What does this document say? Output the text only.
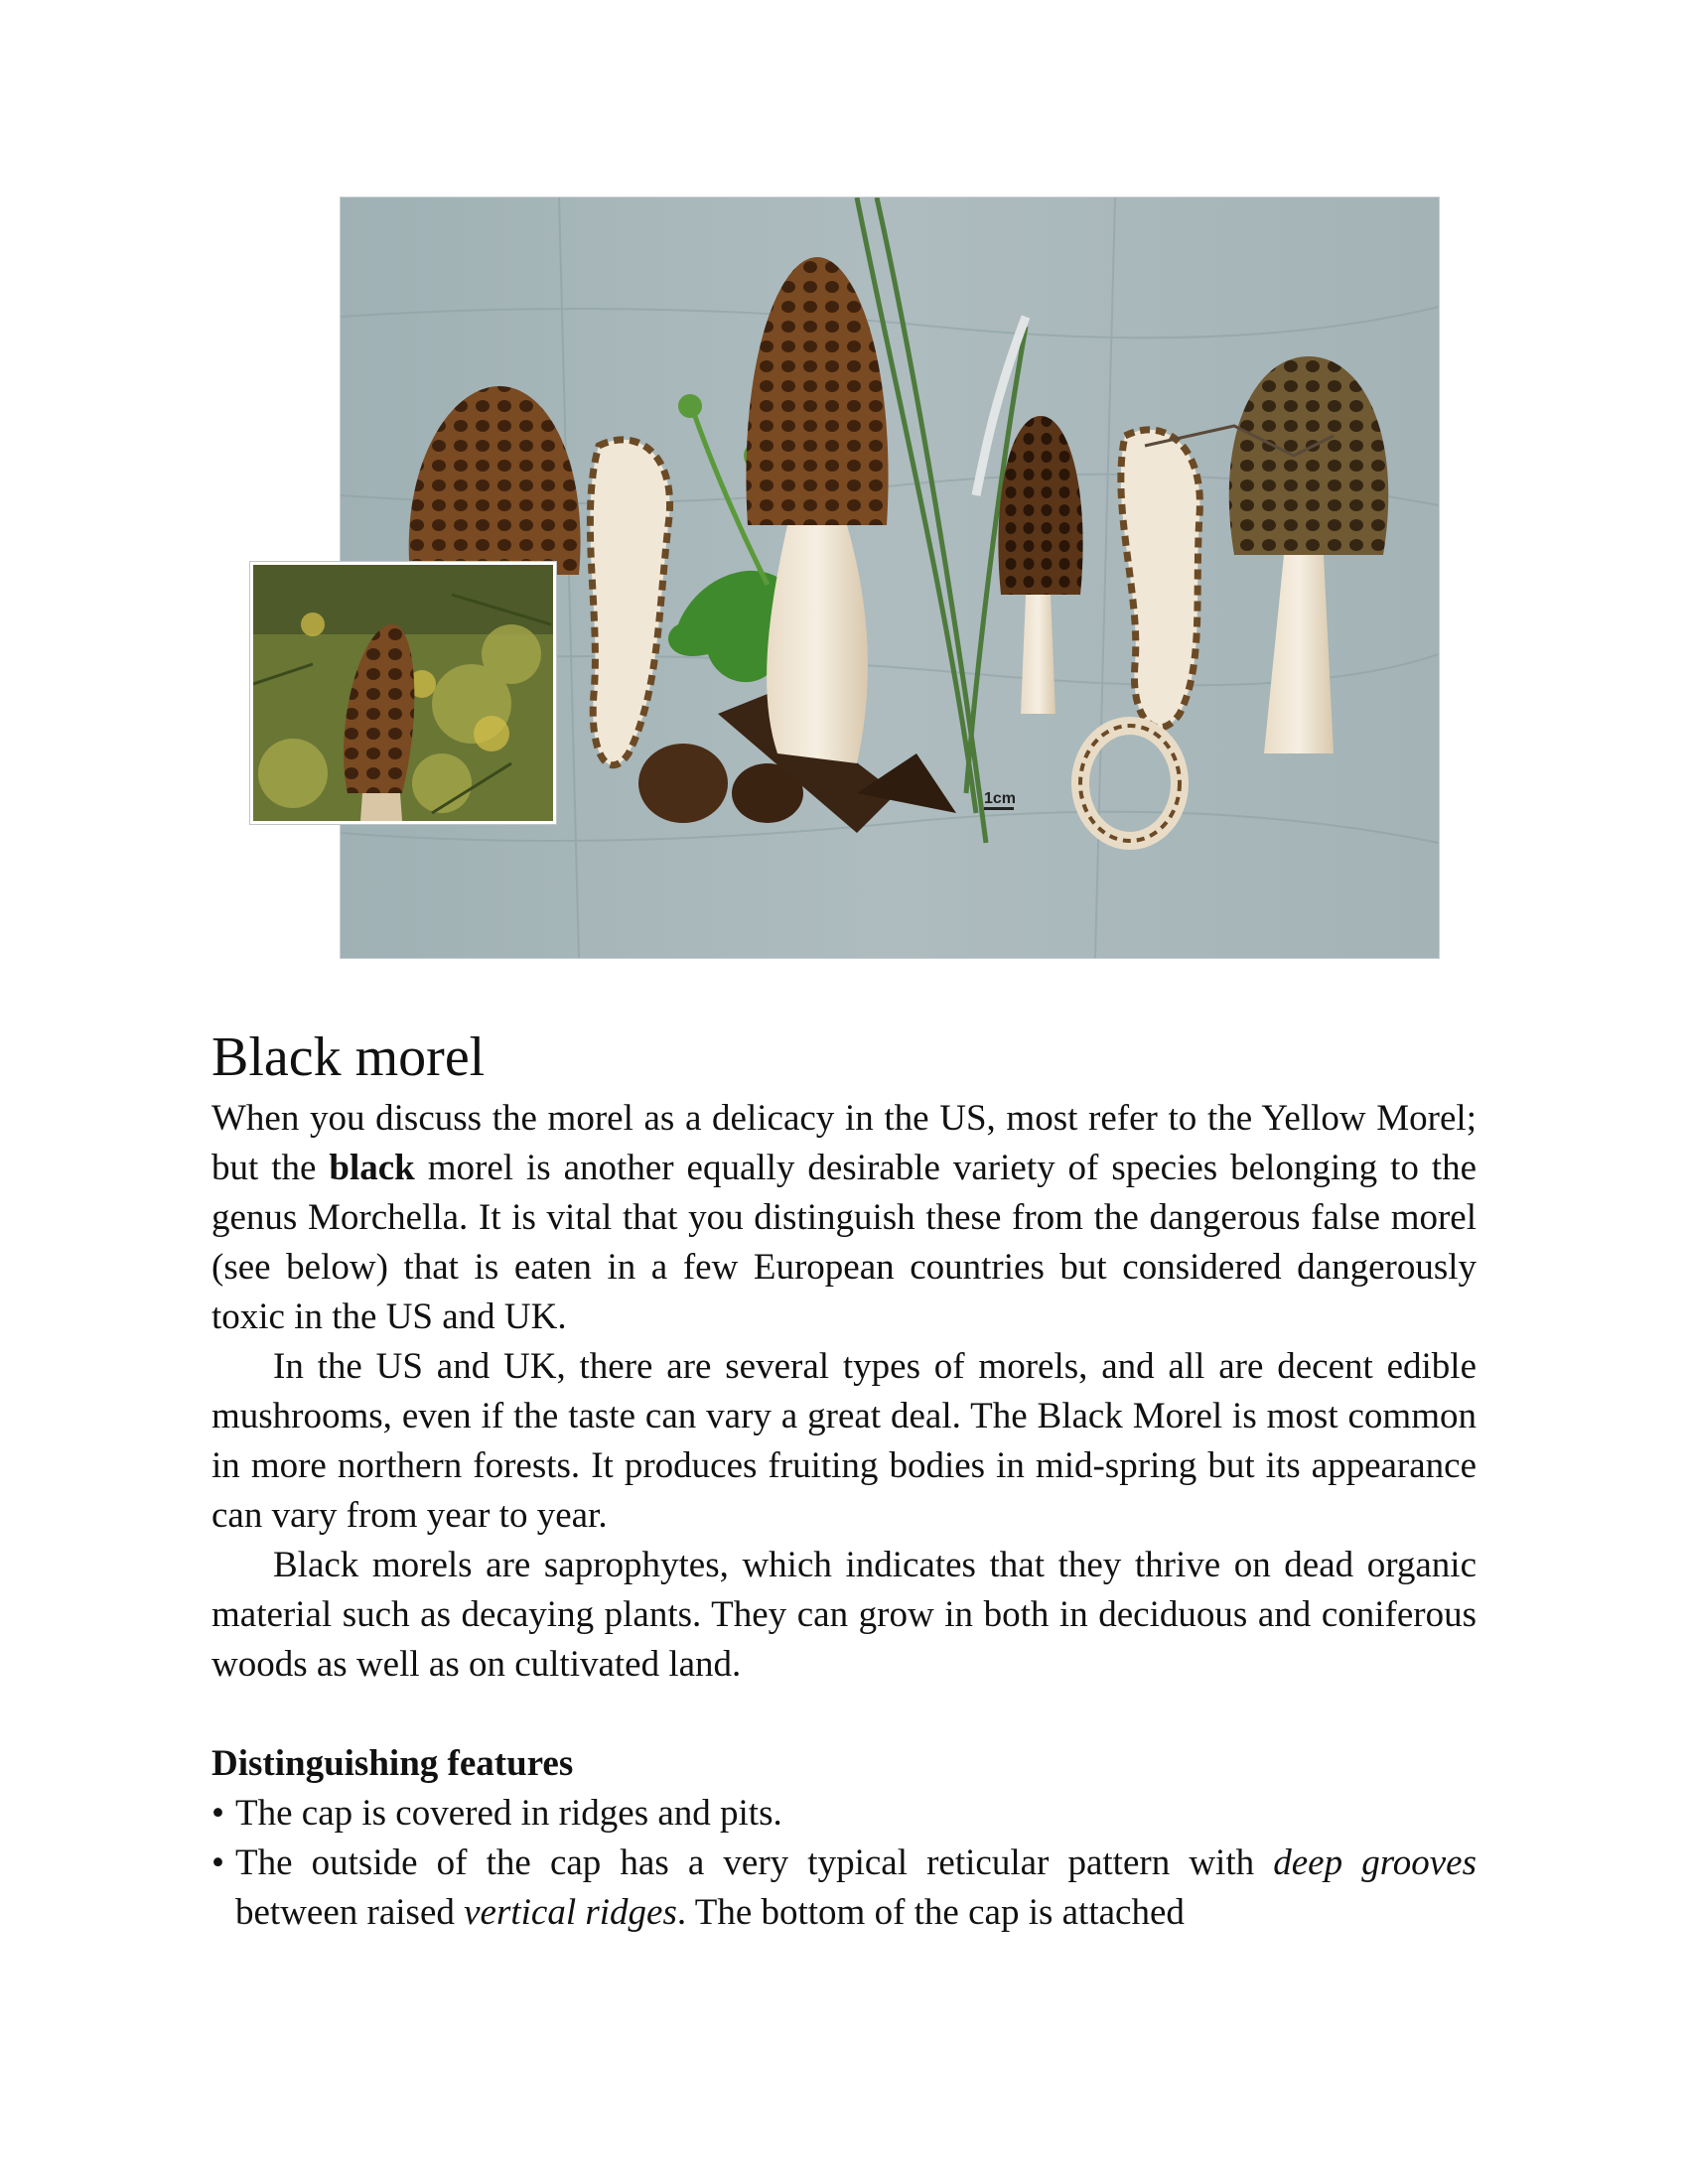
1cm
Black morel

When you discuss the morel as a delicacy in the US, most refer to the Yellow Morel; but the black morel is another equally desirable variety of species belonging to the genus Morchella. It is vital that you distinguish these from the dangerous false morel (see below) that is eaten in a few European countries but considered dangerously toxic in the US and UK.

In the US and UK, there are several types of morels, and all are decent edible mushrooms, even if the taste can vary a great deal. The Black Morel is most common in more northern forests. It produces fruiting bodies in mid-spring but its appearance can vary from year to year.

Black morels are saprophytes, which indicates that they thrive on dead organic material such as decaying plants. They can grow in both in deciduous and coniferous woods as well as on cultivated land.

Distinguishing features
• The cap is covered in ridges and pits.
• The outside of the cap has a very typical reticular pattern with deep grooves between raised vertical ridges. The bottom of the cap is attached
